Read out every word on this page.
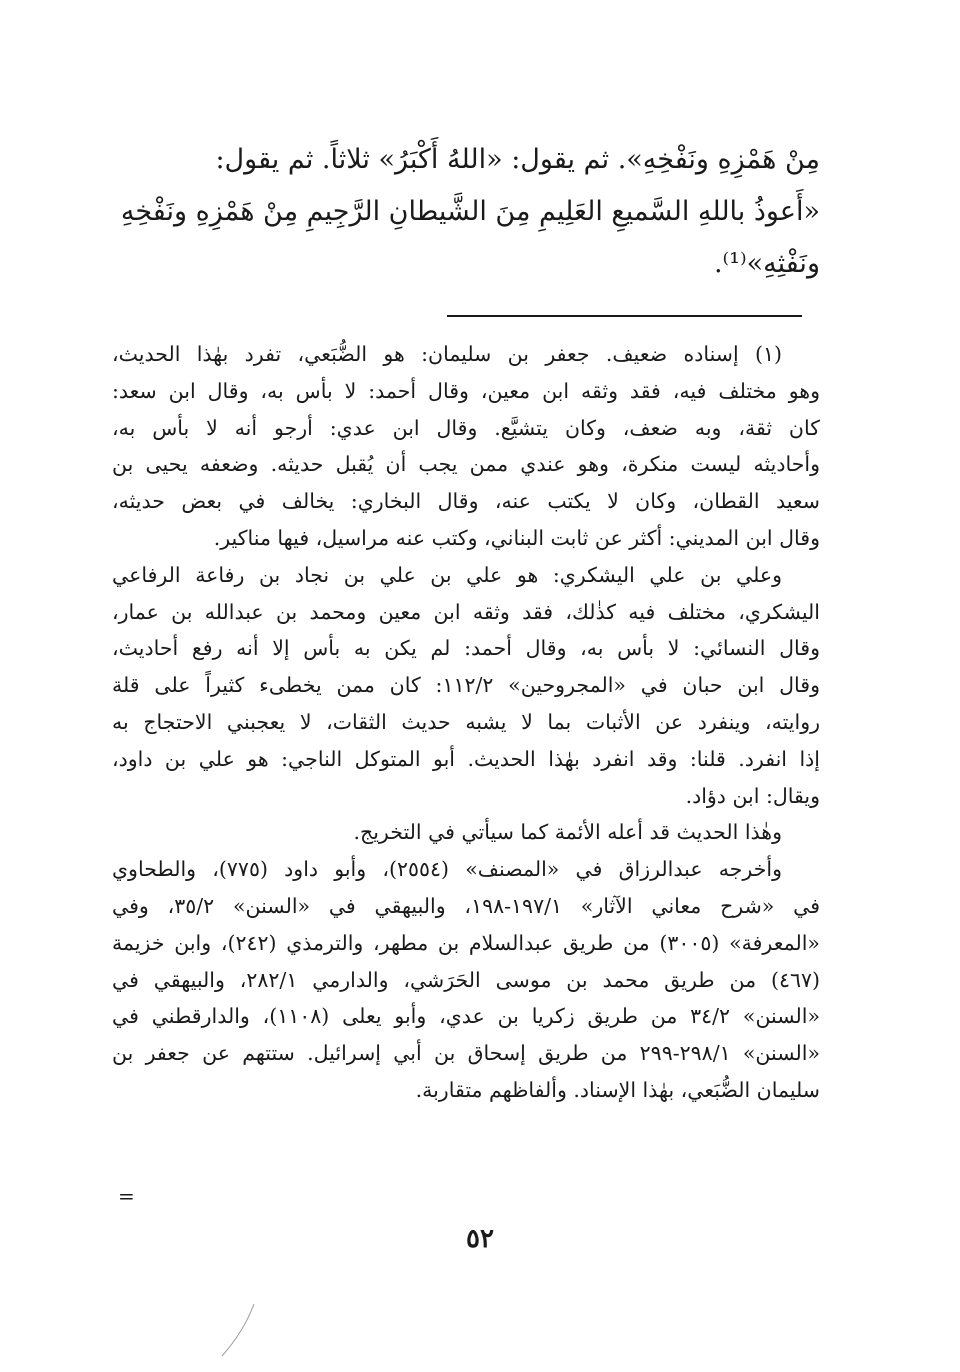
مِنْ هَمْزِهِ ونَفْخِهِ». ثم يقول: «اللهُ أَكْبَرُ» ثلاثاً. ثم يقول:
«أَعوذُ باللهِ السَّميعِ العَلِيمِ مِنَ الشَّيطانِ الرَّجِيمِ مِنْ هَمْزِهِ ونَفْخِهِ
ونَفْثِهِ»⁽¹⁾.
(١) إسناده ضعيف. جعفر بن سليمان: هو الضُّبَعي، تفرد بهٰذا الحديث،
وهو مختلف فيه، فقد وثقه ابن معين، وقال أحمد: لا بأس به، وقال ابن سعد:
كان ثقة، وبه ضعف، وكان يتشيَّع. وقال ابن عدي: أرجو أنه لا بأس به،
وأحاديثه ليست منكرة، وهو عندي ممن يجب أن يُقبل حديثه. وضعفه يحيى بن
سعيد القطان، وكان لا يكتب عنه، وقال البخاري: يخالف في بعض حديثه،
وقال ابن المديني: أكثر عن ثابت البناني، وكتب عنه مراسيل، فيها مناكير.
وعلي بن علي اليشكري: هو علي بن علي بن نجاد بن رفاعة الرفاعي
اليشكري، مختلف فيه كذٰلك، فقد وثقه ابن معين ومحمد بن عبدالله بن عمار،
وقال النسائي: لا بأس به، وقال أحمد: لم يكن به بأس إلا أنه رفع أحاديث،
وقال ابن حبان في «المجروحين» ١١٢/٢: كان ممن يخطىء كثيراً على قلة
روايته، وينفرد عن الأثبات بما لا يشبه حديث الثقات، لا يعجبني الاحتجاج به
إذا انفرد. قلنا: وقد انفرد بهٰذا الحديث. أبو المتوكل الناجي: هو علي بن داود،
ويقال: ابن دؤاد.
وهٰذا الحديث قد أعله الأئمة كما سيأتي في التخريج.
وأخرجه عبدالرزاق في «المصنف» (٢٥٥٤)، وأبو داود (٧٧٥)، والطحاوي
في «شرح معاني الآثار» ١٩٧/١-١٩٨، والبيهقي في «السنن» ٣٥/٢، وفي
«المعرفة» (٣٠٠٥) من طريق عبدالسلام بن مطهر، والترمذي (٢٤٢)، وابن خزيمة
(٤٦٧) من طريق محمد بن موسى الحَرَشي، والدارمي ٢٨٢/١، والبيهقي في
«السنن» ٣٤/٢ من طريق زكريا بن عدي، وأبو يعلى (١١٠٨)، والدارقطني في
«السنن» ٢٩٨/١-٢٩٩ من طريق إسحاق بن أبي إسرائيل. ستتهم عن جعفر بن
سليمان الضُّبَعي، بهٰذا الإسناد. وألفاظهم متقاربة.
=
٥٢
